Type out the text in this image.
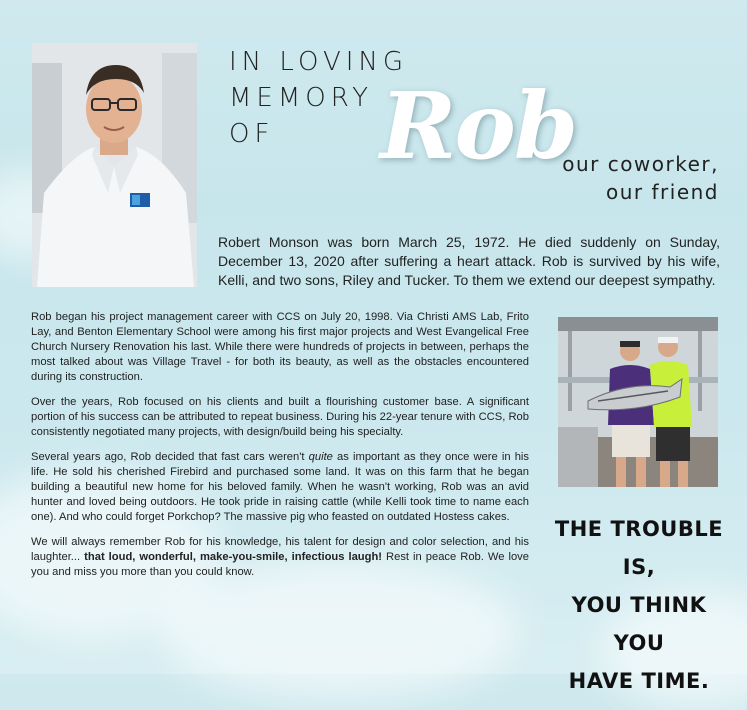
IN LOVING
MEMORY
OF	Rob
our coworker,
our friend
Robert Monson was born March 25, 1972. He died suddenly on Sunday, December 13, 2020 after suffering a heart attack. Rob is survived by his wife, Kelli, and two sons, Riley and Tucker. To them we extend our deepest sympathy.

Rob began his project management career with CCS on July 20, 1998. Via Christi AMS Lab, Frito Lay, and Benton Elementary School were among his first major projects and West Evangelical Free Church Nursery Renovation his last. While there were hundreds of projects in between, perhaps the most talked about was Village Travel - for both its beauty, as well as the obstacles encountered during its construction.

Over the years, Rob focused on his clients and built a flourishing customer base. A significant portion of his success can be attributed to repeat business. During his 22-year tenure with CCS, Rob consistently negotiated many projects, with design/build being his specialty.

Several years ago, Rob decided that fast cars weren't quite as important as they once were in his life. He sold his cherished Firebird and purchased some land. It was on this farm that he began building a beautiful new home for his beloved family. When he wasn't working, Rob was an avid hunter and loved being outdoors. He took pride in raising cattle (while Kelli took time to name each one). And who could forget Porkchop? The massive pig who feasted on outdated Hostess cakes.

We will always remember Rob for his knowledge, his talent for design and color selection, and his laughter... that loud, wonderful, make-you-smile, infectious laugh! Rest in peace Rob. We love you and miss you more than you could know.

THE TROUBLE IS,
YOU THINK YOU
HAVE TIME.
